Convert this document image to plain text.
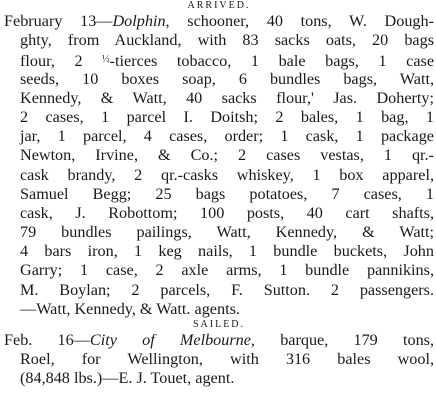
ARRIVED.
February 13—Dolphin, schooner, 40 tons, W. Dough-
ghty, from Auckland, with 83 sacks oats, 20 bags
flour, 2 $^{\frac{1}{2}}$-tierces tobacco, 1 bale bags, 1 case
seeds, 10 boxes soap, 6 bundles bags, Watt,
Kennedy, & Watt, 40 sacks flour,' Jas. Doherty;
2 cases, 1 parcel I. Doitsh; 2 bales, 1 bag, 1
jar, 1 parcel, 4 cases, order; 1 cask, 1 package
Newton, Irvine, & Co.; 2 cases vestas, 1 qr.-
cask brandy, 2 qr.-casks whiskey, 1 box apparel,
Samuel Begg; 25 bags potatoes, 7 cases, 1
cask, J. Robottom; 100 posts, 40 cart shafts,
79 bundles pailings, Watt, Kennedy, & Watt;
4 bars iron, 1 keg nails, 1 bundle buckets, John
Garry; 1 case, 2 axle arms, 1 bundle pannikins,
M. Boylan; 2 parcels, F. Sutton. 2 passengers.
—Watt, Kennedy, & Watt. agents.
SAILED.
Feb. 16—City of Melbourne, barque, 179 tons,
Roel, for Wellington, with 316 bales wool,
(84,848 lbs.)—E. J. Touet, agent.
